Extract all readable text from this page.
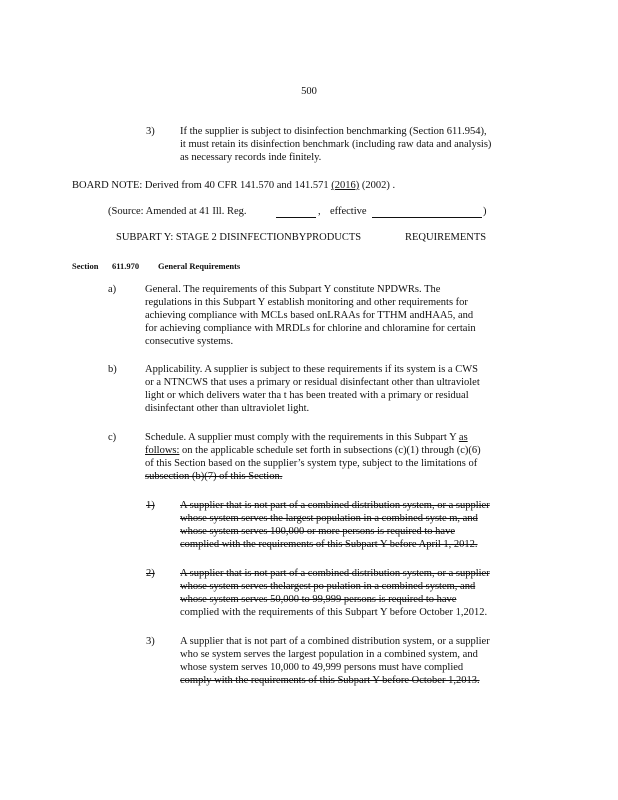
500
3) If the supplier is subject to disinfection benchmarking (Section 611.954),
it must retain its disinfection benchmark (including raw data and analysis)
as necessary records inde finitely.
BOARD NOTE: Derived from 40 CFR 141.570 and 141.571 (2016) (2002) .
(Source: Amended at 41 Ill. Reg.	, effective	)
SUBPART Y: STAGE 2 DISINFECTIONBYPRODUCTS	REQUIREMENTS
Section 611.970 General Requirements
a)	General. The requirements of this Subpart Y constitute NPDWRs. The
regulations in this Subpart Y establish monitoring and other requirements for
achieving compliance with MCLs based onLRAAs for TTHM andHAA5, and
for achieving compliance with MRDLs for chlorine and chloramine for certain
consecutive systems.
b)	Applicability. A supplier is subject to these requirements if its system is a CWS
or a NTNCWS that uses a primary or residual disinfectant other than ultraviolet
light or which delivers water tha t has been treated with a primary or residual
disinfectant other than ultraviolet light.
c)	Schedule. A supplier must comply with the requirements in this Subpart Y as
follows: on the applicable schedule set forth in subsections (c)(1) through (c)(6)
of this Section based on the supplier’s system type, subject to the limitations of
subsection (b)(7) of this Section.
1) A supplier that is not part of a combined distribution system, or a supplier
whose system serves the largest population in a combined syste m, and
whose system serves 100,000 or more persons is required to have
complied with the requirements of this Subpart Y before April 1, 2012.
2) A supplier that is not part of a combined distribution system, or a supplier
whose system serves thelargest po pulation in a combined system, and
whose system serves 50,000 to 99,999 persons is required to have
complied with the requirements of this Subpart Y before October 1,2012.
3) A supplier that is not part of a combined distribution system, or a supplier
who se system serves the largest population in a combined system, and
whose system serves 10,000 to 49,999 persons must have complied
comply with the requirements of this Subpart Y before October 1,2013.
